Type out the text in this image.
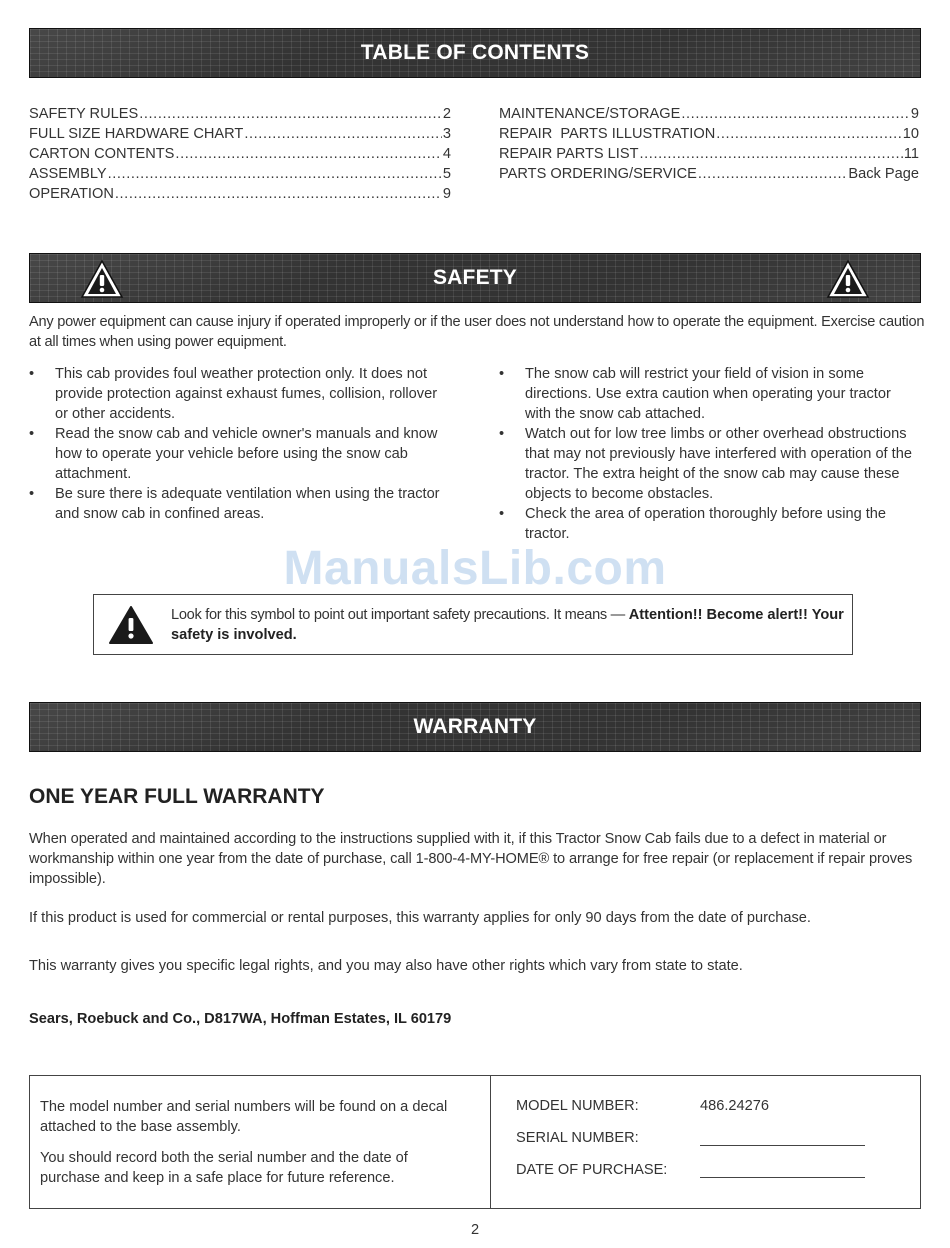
TABLE OF CONTENTS
SAFETY RULES .....	2
FULL SIZE HARDWARE CHART .....	3
CARTON CONTENTS .....	4
ASSEMBLY .....	5
OPERATION .....	9
MAINTENANCE/STORAGE .....	9
REPAIR  PARTS ILLUSTRATION .....	10
REPAIR PARTS LIST .....	11
PARTS ORDERING/SERVICE .....	Back Page
SAFETY
Any power equipment can cause injury if operated improperly or if the user does not understand how to operate the equipment. Exercise caution at all times when using power equipment.
• This cab provides foul weather protection only. It does not provide protection against exhaust fumes, collision, rollover or other accidents.
• Read the snow cab and vehicle owner's manuals and know how to operate your vehicle before using the snow cab attachment.
• Be sure there is adequate ventilation when using the tractor and snow cab in confined areas.
• The snow cab will restrict your field of vision in some directions. Use extra caution when operating your tractor with the snow cab attached.
• Watch out for low tree limbs or other overhead obstructions that may not previously have interfered with operation of the tractor. The extra height of the snow cab may cause these objects to become obstacles.
• Check the area of operation thoroughly before using the tractor.
ManualsLib.com
Look for this symbol to point out important safety precautions. It means — Attention!! Become alert!! Your safety is involved.
WARRANTY
ONE YEAR FULL WARRANTY
When operated and maintained according to the instructions supplied with it, if this Tractor Snow Cab fails due to a defect in material or workmanship within one year from the date of purchase, call 1-800-4-MY-HOME® to arrange for free repair (or replacement if repair proves impossible).
If this product is used for commercial or rental purposes, this warranty applies for only 90 days from the date of purchase.
This warranty gives you specific legal rights, and you may also have other rights which vary from state to state.
Sears, Roebuck and Co., D817WA, Hoffman Estates, IL 60179
The model number and serial numbers will be found on a decal attached to the base assembly.
You should record both the serial number and the date of purchase and keep in a safe place for future reference.
MODEL NUMBER:	486.24276
SERIAL NUMBER:
DATE OF PURCHASE:
2
